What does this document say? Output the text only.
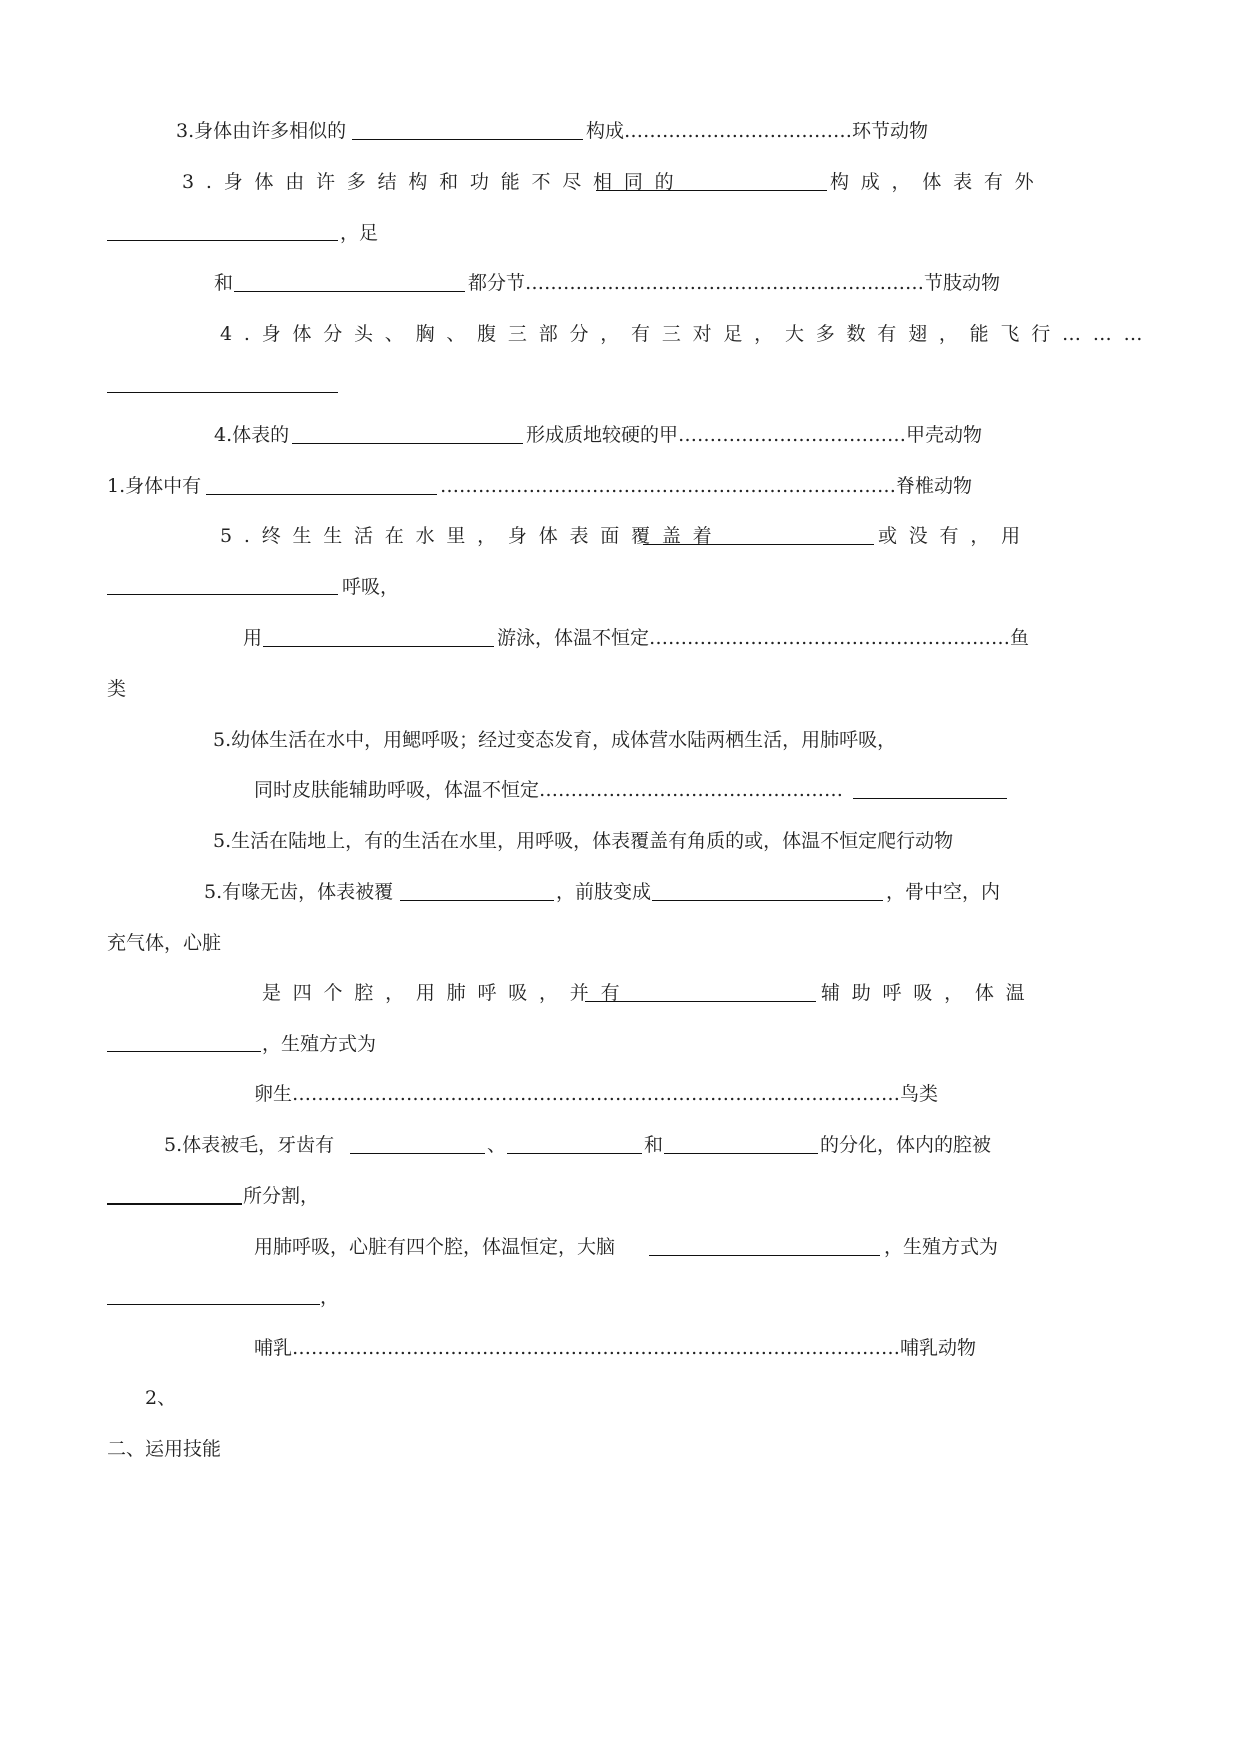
3.身体由许多相似的	构成………………………………环节动物
3.身体由许多结构和功能不尽相同的	构成，体表有外
，足
和	都分节………………………………………………………节肢动物
4.身体分头、胸、腹三部分，有三对足，大多数有翅，能飞行………
4.体表的	形成质地较硬的甲………………………………甲壳动物
1.身体中有	………………………………………………………………脊椎动物
5.终生生活在水里，身体表面覆盖着	或没有，用
呼吸，
用	游泳，体温不恒定…………………………………………………鱼
类
5.幼体生活在水中，用鳃呼吸；经过变态发育，成体营水陆两栖生活，用肺呼吸，
同时皮肤能辅助呼吸，体温不恒定…………………………………………
5.生活在陆地上，有的生活在水里，用呼吸，体表覆盖有角质的或，体温不恒定爬行动物
5.有喙无齿，体表被覆	，前肢变成	，骨中空，内
充气体，心脏
是四个腔，用肺呼吸，并有	辅助呼吸，体温
，生殖方式为
卵生……………………………………………………………………………………鸟类
5.体表被毛，牙齿有	、	和	的分化，体内的腔被
所分割，
用肺呼吸，心脏有四个腔，体温恒定，大脑	，生殖方式为
，
哺乳……………………………………………………………………………………哺乳动物
2、
二、运用技能
